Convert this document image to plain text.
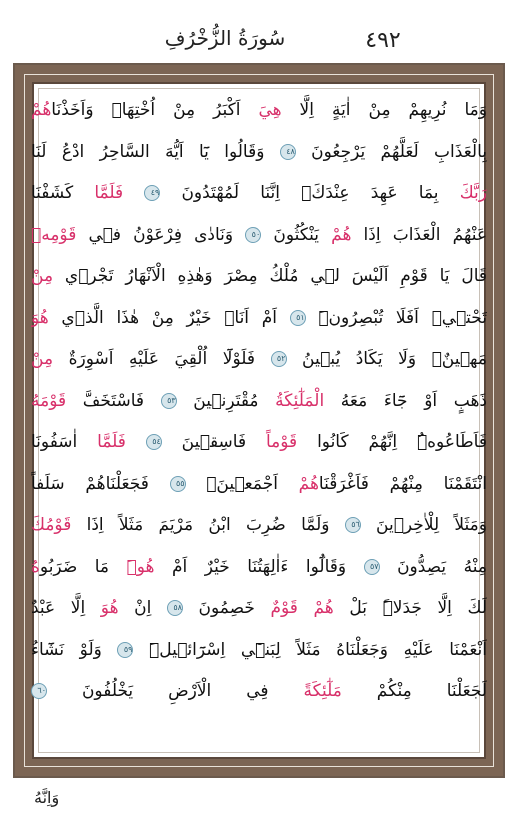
سُورَةُ الزُّخْرُفِ	٤٩٢
وَمَا نُرِيهِمْ مِنْ اٰيَةٍ اِلَّا هِيَ اَكْبَرُ مِنْ اُخْتِهَاۘ وَاَخَذْنَاهُمْ
بِالْعَذَابِ لَعَلَّهُمْ يَرْجِعُونَ ٤٨ وَقَالُوا يَٓا اَيُّهَ السَّاحِرُ ادْعُ لَنَا
رَبَّكَ بِمَا عَهِدَ عِنْدَكَۚ اِنَّنَا لَمُهْتَدُونَ ٤٩ فَلَمَّا كَشَفْنَا
عَنْهُمُ الْعَذَابَ اِذَا هُمْ يَنْكُثُونَ ٥٠ وَنَادٰى فِرْعَوْنُ فٖي قَوْمِهٖ
قَالَ يَا قَوْمِ اَلَيْسَ لٖي مُلْكُ مِصْرَ وَهٰذِهِ الْاَنْهَارُ تَجْرٖي مِنْ
تَحْتٖيۚ اَفَلَا تُبْصِرُونَۜ ٥١ اَمْ اَنَا۬ خَيْرٌ مِنْ هٰذَا الَّذٖي هُوَ
مَهٖينٌۙ وَلَا يَكَادُ يُبٖينُ ٥٢ فَلَوْلَٓا اُلْقِيَ عَلَيْهِ اَسْوِرَةٌ مِنْ
ذَهَبٍ اَوْ جَٓاءَ مَعَهُ الْمَلٰٓئِكَةُ مُقْتَرِنٖينَ ٥٣ فَاسْتَخَفَّ قَوْمَهُ
فَاَطَاعُوهُۜ اِنَّهُمْ كَانُوا قَوْماً فَاسِقٖينَ ٥٤ فَلَمَّا اٰسَفُونَا
انْتَقَمْنَا مِنْهُمْ فَاَغْرَقْنَاهُمْ اَجْمَعٖينَۙ ٥٥ فَجَعَلْنَاهُمْ سَلَفاً
وَمَثَلاً لِلْاٰخِرٖينَ ٥٦ وَلَمَّا ضُرِبَ ابْنُ مَرْيَمَ مَثَلاً اِذَا قَوْمُكَ
مِنْهُ يَصِدُّونَ ٥٧ وَقَالُٓوا ءَاٰلِهَتُنَا خَيْرٌ اَمْ هُوَۜ مَا ضَرَبُوهُ
لَكَ اِلَّا جَدَلاًۜ بَلْ هُمْ قَوْمٌ خَصِمُونَ ٥٨ اِنْ هُوَ اِلَّا عَبْدٌ
اَنْعَمْنَا عَلَيْهِ وَجَعَلْنَاهُ مَثَلاً لِبَنٖٓي اِسْرَٓائٖيلَۜ ٥٩ وَلَوْ نَشَٓاءُ
لَجَعَلْنَا مِنْكُمْ مَلٰٓئِكَةً فِي الْاَرْضِ يَخْلُفُونَ ٦٠
وَاِنَّهُ
